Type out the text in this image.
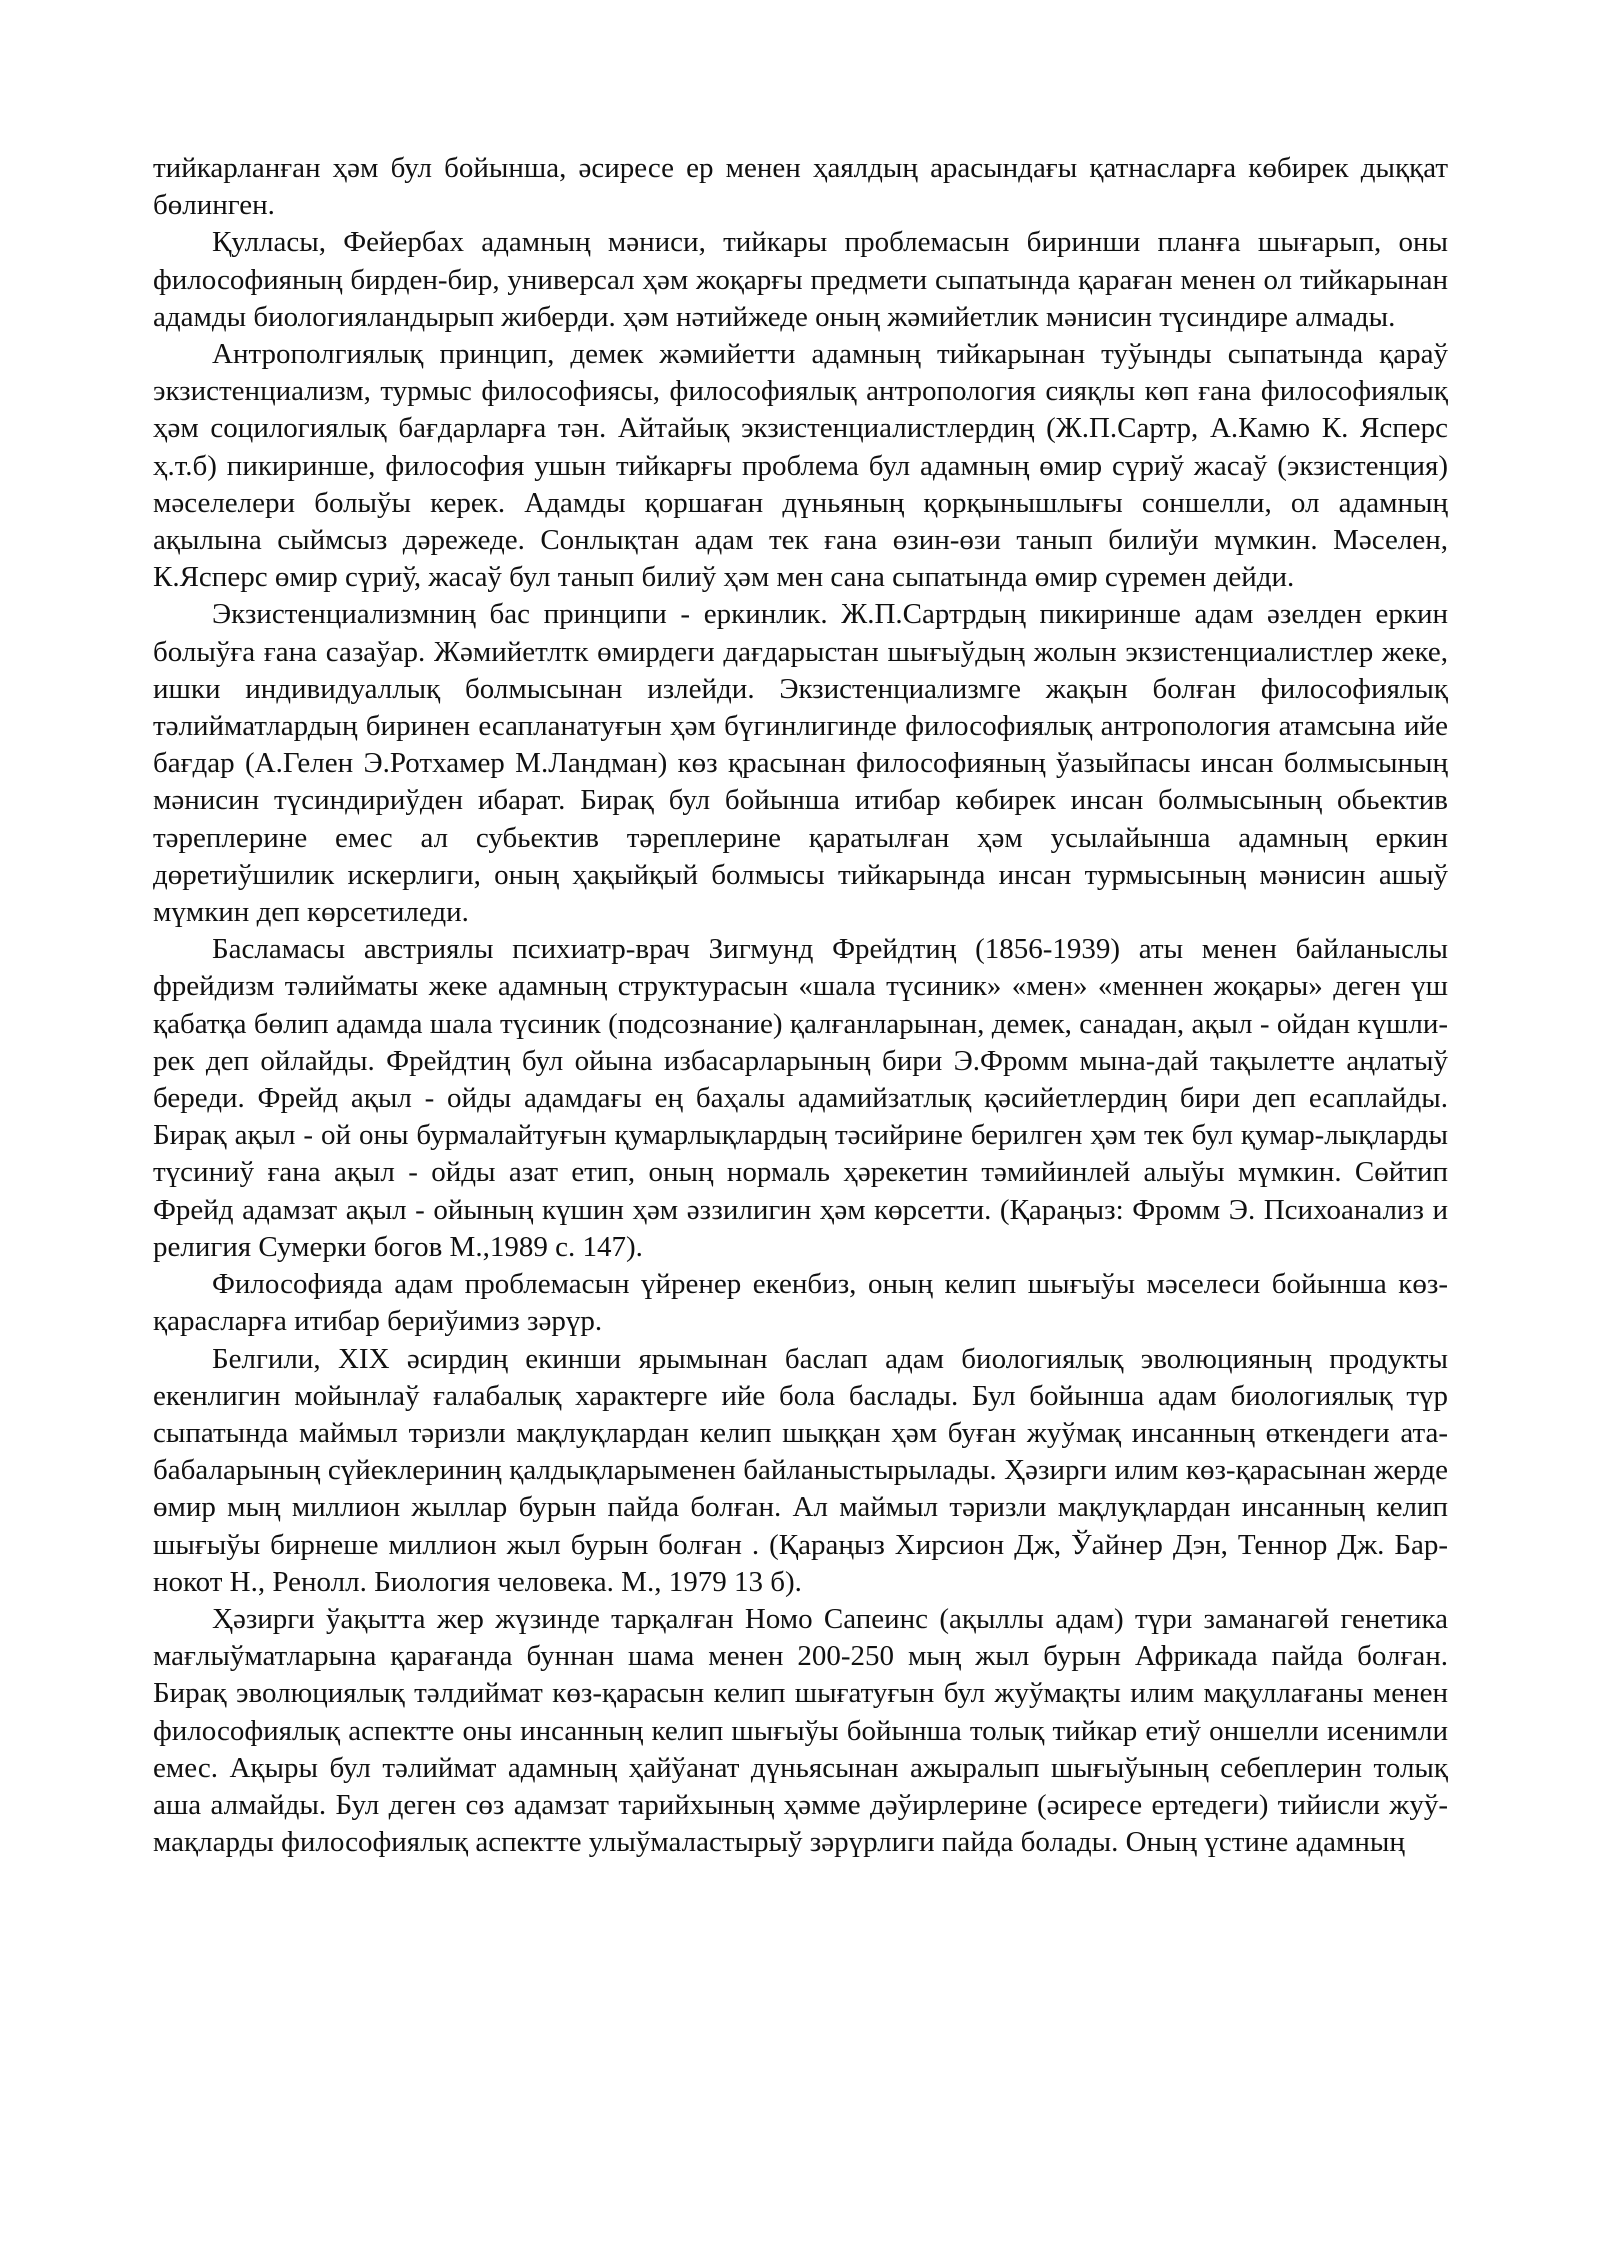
тийкарланған ҳәм бул бойынша, әсиресе ер менен ҳаялдың арасындағы қатнасларға көбирек дыққат бөлинген.

Қулласы, Фейербах адамның мәниси, тийкары проблемасын биринши планға шығарып, оны философияның бирден-бир, универсал ҳәм жоқарғы предмети сыпатында қараған менен ол тийкарынан адамды биологияландырып жиберди. ҳәм нәтийжеде оның жәмийетлик мәнисин түсиндире алмады.

Антрополгиялық принцип, демек жәмийетти адамның тийкарынан туўынды сыпатында қараў экзистенциализм, турмыс философиясы, философиялық антропология сияқлы көп ғана философиялық ҳәм социлогиялық бағдарларға тән. Айтайық экзистенциалистлердиң (Ж.П.Сартр, А.Камю К. Ясперс ҳ.т.б) пикиринше, философия ушын тийкарғы проблема бул адамның өмир сүриў жасаў (экзистенция) мәселелери болыўы керек. Адамды қоршаған дүньяның қорқынышлығы соншелли, ол адамның ақылына сыймсыз дәрежеде. Сонлықтан адам тек ғана өзин-өзи танып билиўи мүмкин. Мәселен, К.Ясперс өмир сүриў, жасаў бул танып билиў ҳәм мен сана сыпатында өмир сүремен дейди.

Экзистенциализмниң бас принципи - еркинлик. Ж.П.Сартрдың пикиринше адам әзелден еркин болыўға ғана сазаўар. Жәмийетлтк өмирдеги дағдарыстан шығыўдың жолын экзистенциалистлер жеке, ишки индивидуаллық болмысынан излейди. Экзистенциализмге жақын болған философиялық тәлийматлардың биринен есапланатуғын ҳәм бүгинлигинде философиялық антропология атамсына ийе бағдар (А.Гелен Э.Ротхамер М.Ландман) көз қрасынан философияның ўазыйпасы инсан болмысының мәнисин түсиндириўден ибарат. Бирақ бул бойынша итибар көбирек инсан болмысының обьектив тәреплерине емес ал субьектив тәреплерине қаратылған ҳәм усылайынша адамның еркин дөретиўшилик искерлиги, оның ҳақыйқый болмысы тийкарында инсан турмысының мәнисин ашыў мүмкин деп көрсетиледи.

Басламасы австриялы психиатр-врач Зигмунд Фрейдтиң (1856-1939) аты менен байланыслы фрейдизм тәлийматы жеке адамның структурасын «шала түсиник» «мен» «меннен жоқары» деген үш қабатқа бөлип адамда шала түсиник (подсознание) қалғанларынан, демек, санадан, ақыл - ойдан күшли-рек деп ойлайды. Фрейдтиң бул ойына избасарларының бири Э.Фромм мына-дай тақылетте аңлатыў береди. Фрейд ақыл - ойды адамдағы ең баҳалы адамийзатлық қәсийетлердиң бири деп есаплайды. Бирақ ақыл - ой оны бурмалайтуғын қумарлықлардың тәсийрине берилген ҳәм тек бул қумар-лықларды түсиниў ғана ақыл - ойды азат етип, оның нормаль ҳәрекетин тәмийинлей алыўы мүмкин. Сөйтип Фрейд адамзат ақыл - ойының күшин ҳәм әззилигин ҳәм көрсетти. (Қараңыз: Фромм Э. Психоанализ и религия Сумерки богов М.,1989 с. 147).

Философияда адам проблемасын үйренер екенбиз, оның келип шығыўы мәселеси бойынша көз-қарасларға итибар бериўимиз зәрүр.

Белгили, XIX әсирдиң екинши ярымынан баслап адам биологиялық эволюцияның продукты екенлигин мойынлаў ғалабалық характерге ийе бола баслады. Бул бойынша адам биологиялық түр сыпатында маймыл тәризли мақлуқлардан келип шыққан ҳәм буған жуўмақ инсанның өткендеги ата-бабаларының сүйеклериниң қалдықларыменен байланыстырылады. Ҳәзирги илим көз-қарасынан жерде өмир мың миллион жыллар бурын пайда болған. Ал маймыл тәризли мақлуқлардан инсанның келип шығыўы бирнеше миллион жыл бурын болған . (Қараңыз Хирсион Дж, Ўайнер Дэн, Теннор Дж. Бар-нокот Н., Ренолл. Биология человека. М., 1979 13 б).

Ҳәзирги ўақытта жер жүзинде тарқалған Номо Сапеинс (ақыллы адам) түри заманагөй генетика мағлыўматларына қарағанда буннан шама менен 200-250 мың жыл бурын Африкада пайда болған. Бирақ эволюциялық тәлдиймат көз-қарасын келип шығатуғын бул жуўмақты илим мақуллағаны менен философиялық аспектте оны инсанның келип шығыўы бойынша толық тийкар етиў оншелли исенимли емес. Ақыры бул тәлиймат адамның ҳайўанат дүньясынан ажыралып шығыўының себеплерин толық аша алмайды. Бул деген сөз адамзат тарийхының ҳәмме дәўирлерине (әсиресе ертедеги) тийисли жуў-мақларды философиялық аспектте улыўмаластырыў зәрүрлиги пайда болады. Оның үстине адамның
